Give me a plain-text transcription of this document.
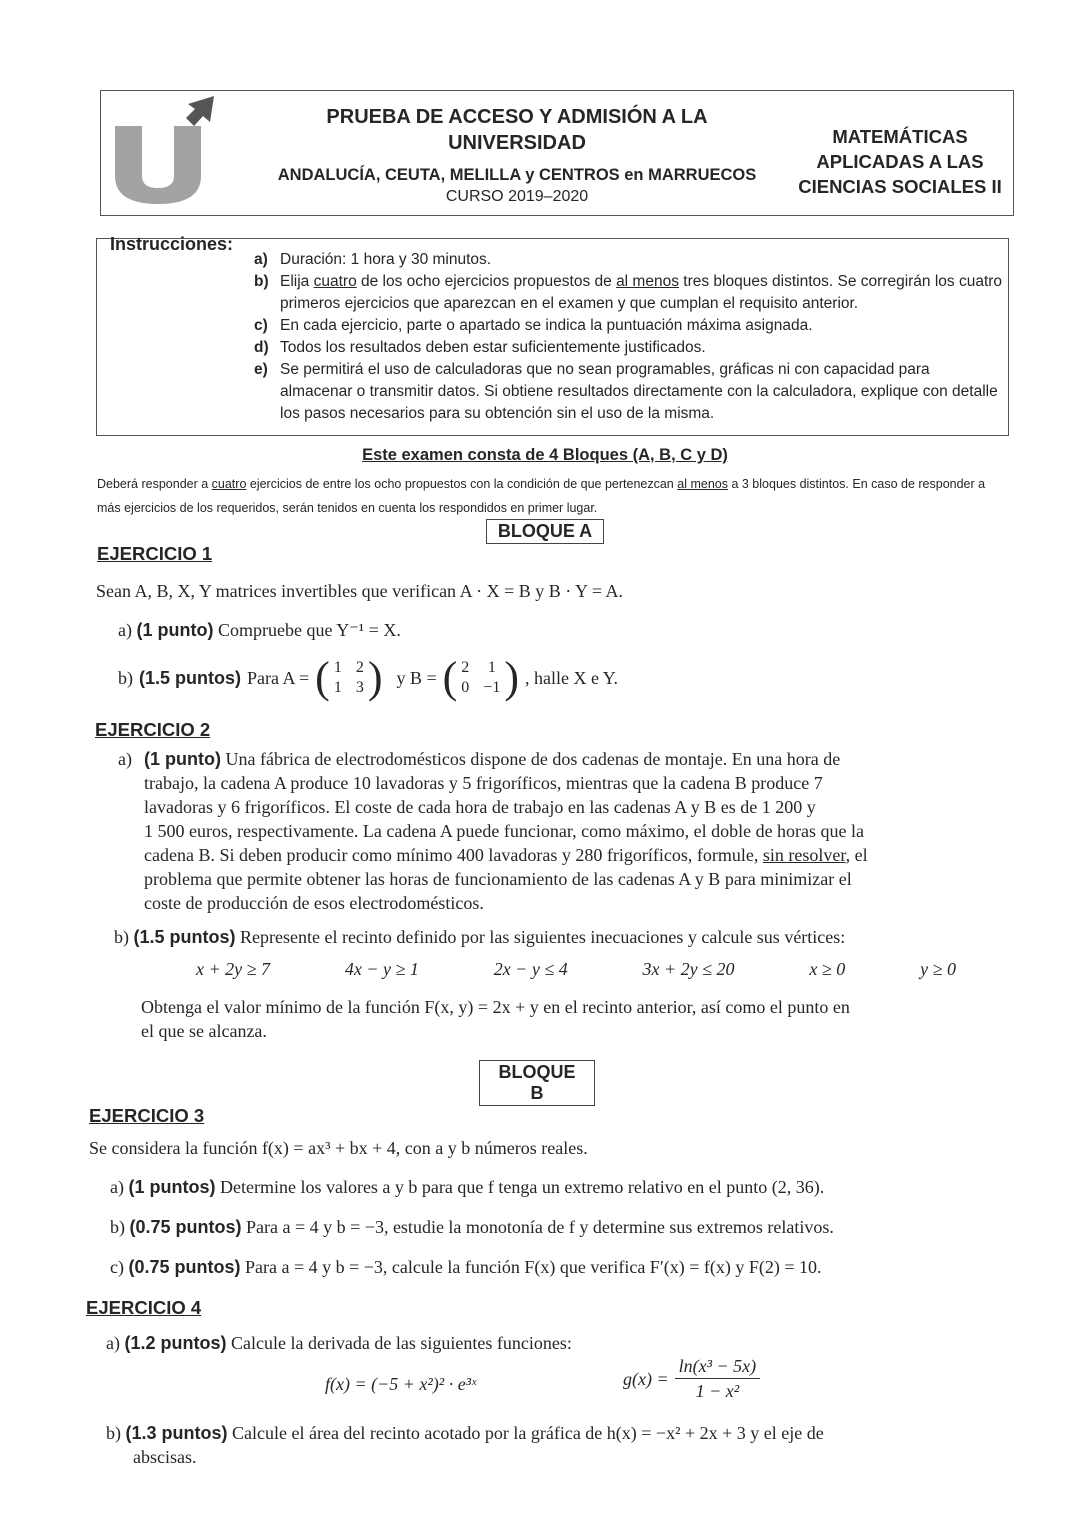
PRUEBA DE ACCESO Y ADMISIÓN A LA
UNIVERSIDAD
ANDALUCÍA, CEUTA, MELILLA y CENTROS en MARRUECOS
CURSO 2019–2020
MATEMÁTICAS
APLICADAS A LAS
CIENCIAS SOCIALES II
Instrucciones:
a) Duración: 1 hora y 30 minutos.
b) Elija cuatro de los ocho ejercicios propuestos de al menos tres bloques distintos. Se corregirán los cuatro primeros ejercicios que aparezcan en el examen y que cumplan el requisito anterior.
c) En cada ejercicio, parte o apartado se indica la puntuación máxima asignada.
d) Todos los resultados deben estar suficientemente justificados.
e) Se permitirá el uso de calculadoras que no sean programables, gráficas ni con capacidad para almacenar o transmitir datos. Si obtiene resultados directamente con la calculadora, explique con detalle los pasos necesarios para su obtención sin el uso de la misma.
Este examen consta de 4 Bloques (A, B, C y D)
Deberá responder a cuatro ejercicios de entre los ocho propuestos con la condición de que pertenezcan al menos a 3 bloques distintos. En caso de responder a más ejercicios de los requeridos, serán tenidos en cuenta los respondidos en primer lugar.
BLOQUE A
EJERCICIO 1
Sean A, B, X, Y matrices invertibles que verifican A · X = B y B · Y = A.
a) (1 punto) Compruebe que Y⁻¹ = X.
b) (1.5 puntos) Para A = ( 1 2
1 3 ) y B = ( 2 1
0 −1 ) , halle X e Y.
EJERCICIO 2
a) (1 punto) Una fábrica de electrodomésticos dispone de dos cadenas de montaje. En una hora de
trabajo, la cadena A produce 10 lavadoras y 5 frigoríficos, mientras que la cadena B produce 7
lavadoras y 6 frigoríficos. El coste de cada hora de trabajo en las cadenas A y B es de 1 200 y
1 500 euros, respectivamente. La cadena A puede funcionar, como máximo, el doble de horas que la
cadena B. Si deben producir como mínimo 400 lavadoras y 280 frigoríficos, formule, sin resolver, el
problema que permite obtener las horas de funcionamiento de las cadenas A y B para minimizar el
coste de producción de esos electrodomésticos.
b) (1.5 puntos) Represente el recinto definido por las siguientes inecuaciones y calcule sus vértices:
x + 2y ≥ 7	4x − y ≥ 1	2x − y ≤ 4	3x + 2y ≤ 20	x ≥ 0	y ≥ 0
Obtenga el valor mínimo de la función F(x, y) = 2x + y en el recinto anterior, así como el punto en
el que se alcanza.
BLOQUE B
EJERCICIO 3
Se considera la función f(x) = ax³ + bx + 4, con a y b números reales.
a) (1 puntos) Determine los valores a y b para que f tenga un extremo relativo en el punto (2, 36).
b) (0.75 puntos) Para a = 4 y b = −3, estudie la monotonía de f y determine sus extremos relativos.
c) (0.75 puntos) Para a = 4 y b = −3, calcule la función F(x) que verifica F′(x) = f(x) y F(2) = 10.
EJERCICIO 4
a) (1.2 puntos) Calcule la derivada de las siguientes funciones:
f(x) = (−5 + x²)² · e³ˣ	$g(x) = \frac{\text{ln(x³ − 5x)}}{\text{1 − x²}}$
b) (1.3 puntos) Calcule el área del recinto acotado por la gráfica de h(x) = −x² + 2x + 3 y el eje de
abscisas.
